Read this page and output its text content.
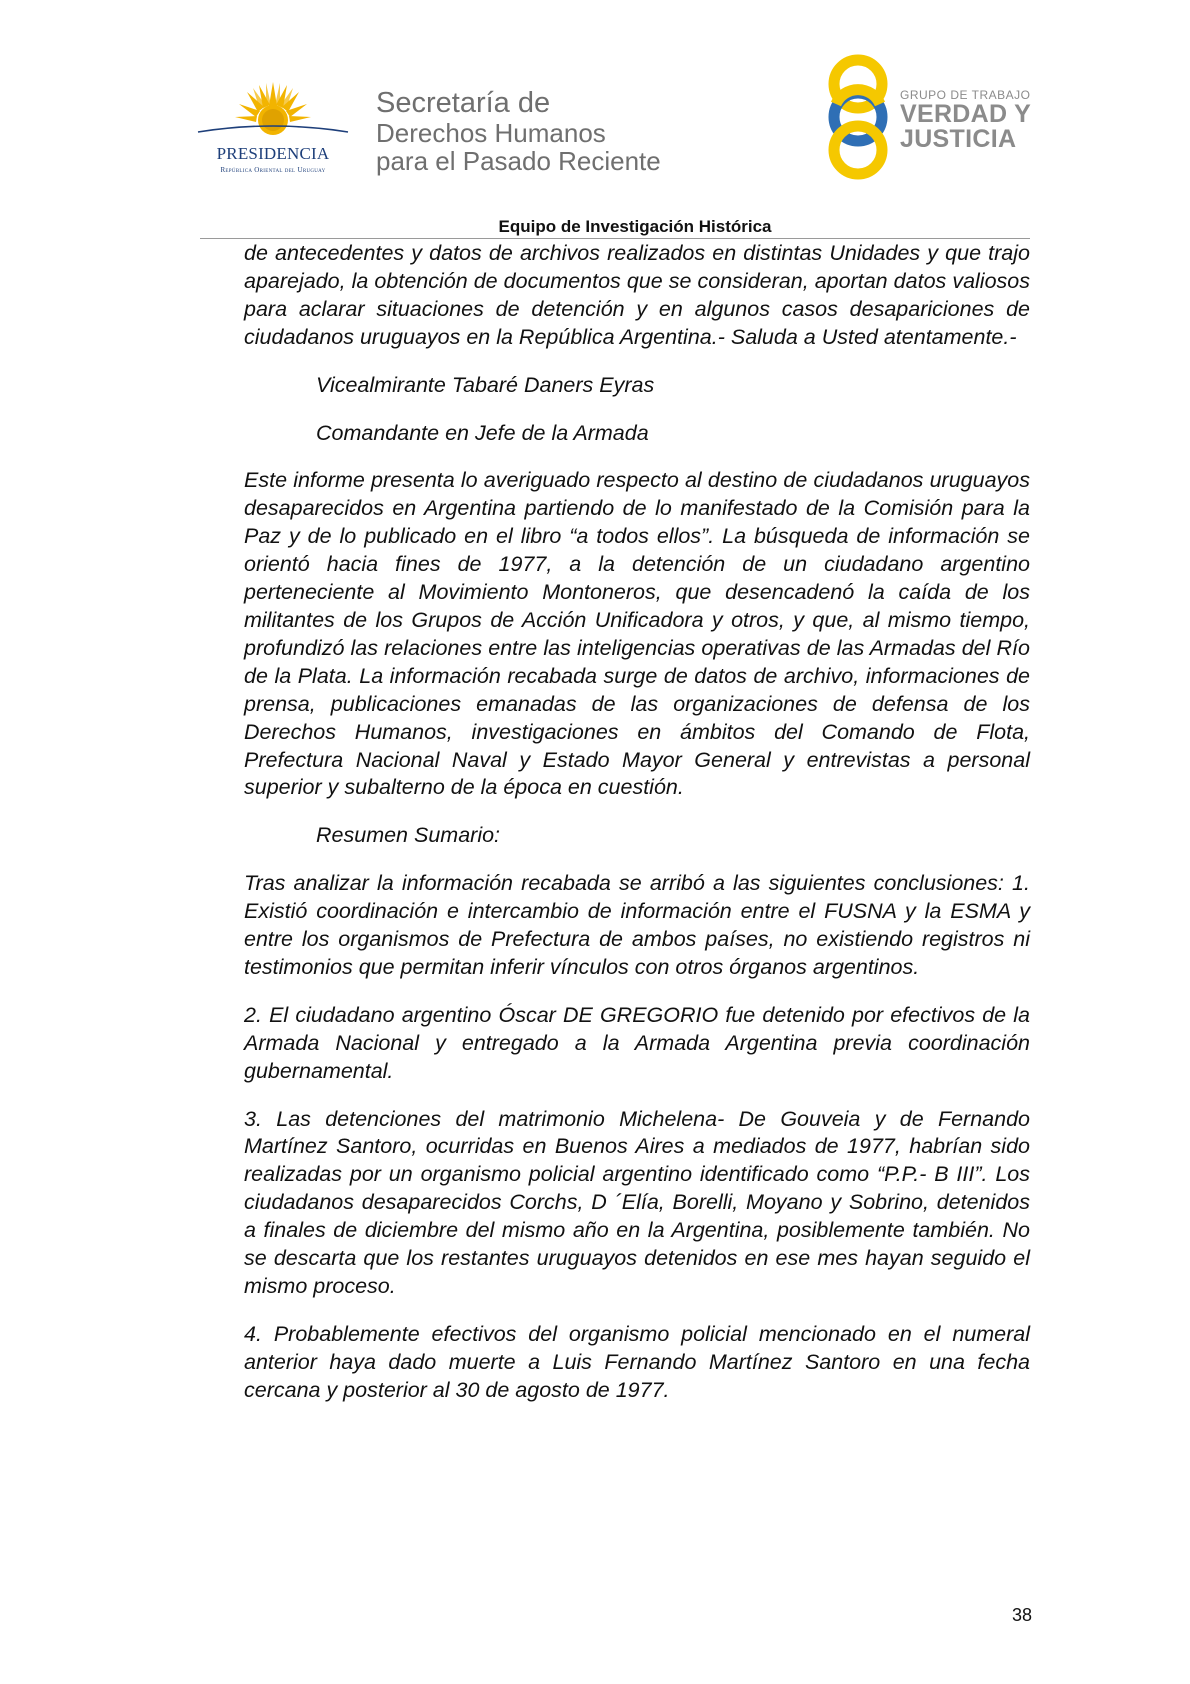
PRESIDENCIA
República Oriental del Uruguay
Secretaría de
Derechos Humanos
para el Pasado Reciente
GRUPO DE TRABAJO
VERDAD Y
JUSTICIA
Equipo de Investigación Histórica

de antecedentes y datos de archivos realizados en distintas Unidades y que trajo aparejado, la obtención de documentos que se consideran, aportan datos valiosos para aclarar situaciones de detención y en algunos casos desapariciones de ciudadanos uruguayos en la República Argentina.- Saluda a Usted atentamente.-

Vicealmirante Tabaré Daners Eyras

Comandante en Jefe de la Armada

Este informe presenta lo averiguado respecto al destino de ciudadanos uruguayos desaparecidos en Argentina partiendo de lo manifestado de la Comisión para la Paz y de lo publicado en el libro “a todos ellos”. La búsqueda de información se orientó hacia fines de 1977, a la detención de un ciudadano argentino perteneciente al Movimiento Montoneros, que desencadenó la caída de los militantes de los Grupos de Acción Unificadora y otros, y que, al mismo tiempo, profundizó las relaciones entre las inteligencias operativas de las Armadas del Río de la Plata. La información recabada surge de datos de archivo, informaciones de prensa, publicaciones emanadas de las organizaciones de defensa de los Derechos Humanos, investigaciones en ámbitos del Comando de Flota, Prefectura Nacional Naval y Estado Mayor General y entrevistas a personal superior y subalterno de la época en cuestión.

Resumen Sumario:

Tras analizar la información recabada se arribó a las siguientes conclusiones: 1. Existió coordinación e intercambio de información entre el FUSNA y la ESMA y entre los organismos de Prefectura de ambos países, no existiendo registros ni testimonios que permitan inferir vínculos con otros órganos argentinos.

2. El ciudadano argentino Óscar DE GREGORIO fue detenido por efectivos de la Armada Nacional y entregado a la Armada Argentina previa coordinación gubernamental.

3. Las detenciones del matrimonio Michelena- De Gouveia y de Fernando Martínez Santoro, ocurridas en Buenos Aires a mediados de 1977, habrían sido realizadas por un organismo policial argentino identificado como “P.P.- B III”. Los ciudadanos desaparecidos Corchs, D ´Elía, Borelli, Moyano y Sobrino, detenidos a finales de diciembre del mismo año en la Argentina, posiblemente también. No se descarta que los restantes uruguayos detenidos en ese mes hayan seguido el mismo proceso.

4. Probablemente efectivos del organismo policial mencionado en el numeral anterior haya dado muerte a Luis Fernando Martínez Santoro en una fecha cercana y posterior al 30 de agosto de 1977.

38
